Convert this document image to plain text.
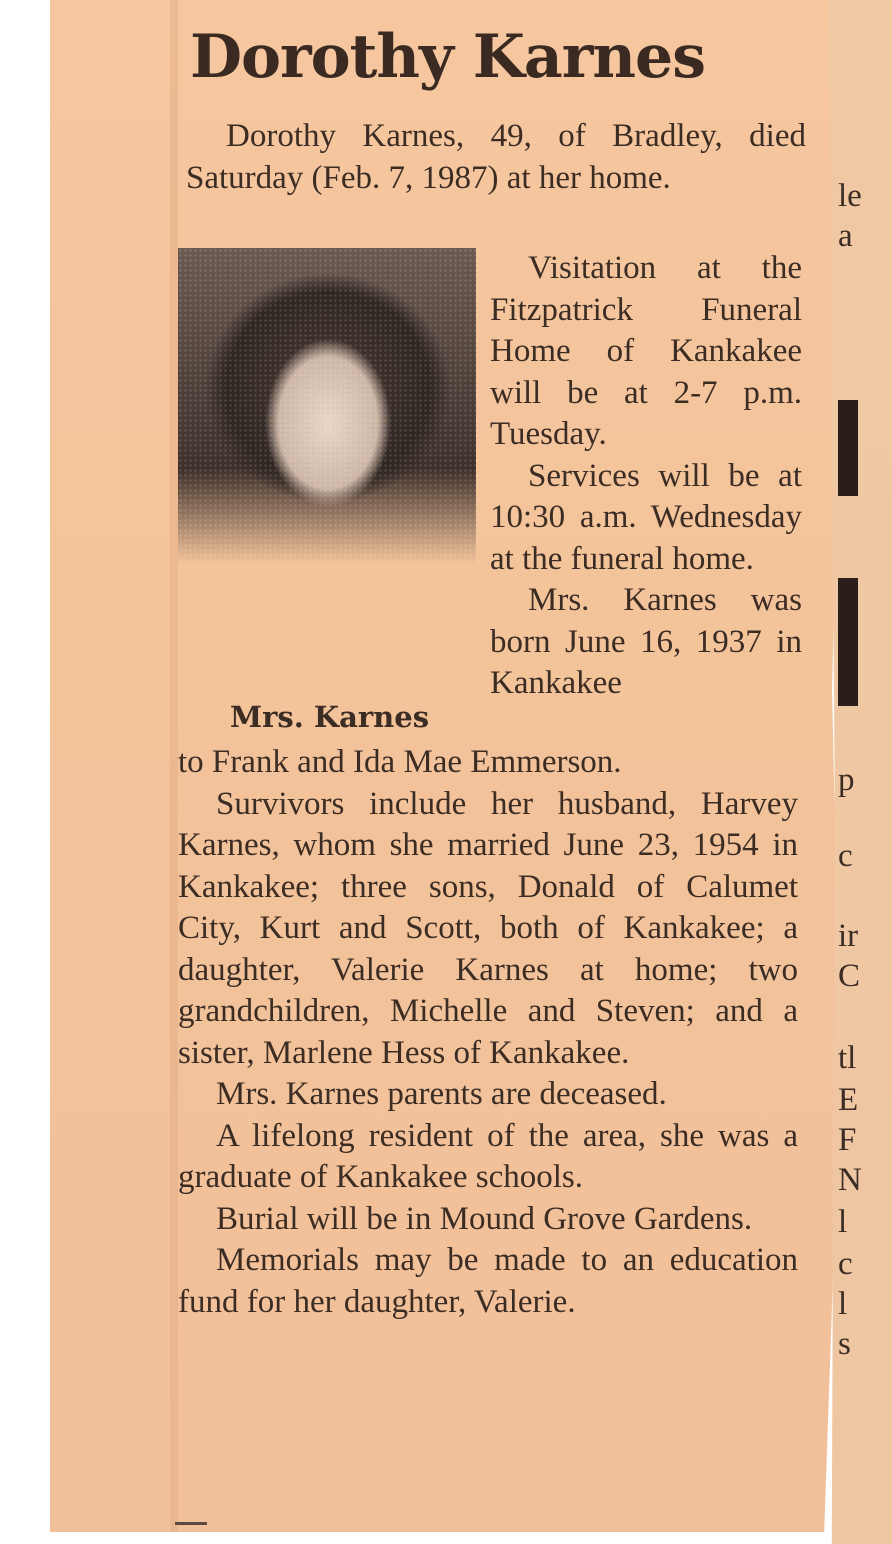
Dorothy Karnes
Dorothy Karnes, 49, of Bradley, died Saturday (Feb. 7, 1987) at her home.

Visitation at the Fitzpatrick Funeral Home of Kankakee will be at 2-7 p.m. Tuesday.

Services will be at 10:30 a.m. Wednesday at the funeral home.

Mrs. Karnes was born June 16, 1937 in Kankakee

Mrs. Karnes

to Frank and Ida Mae Emmerson.

Survivors include her husband, Harvey Karnes, whom she married June 23, 1954 in Kankakee; three sons, Donald of Calumet City, Kurt and Scott, both of Kankakee; a daughter, Valerie Karnes at home; two grandchildren, Michelle and Steven; and a sister, Marlene Hess of Kankakee.

Mrs. Karnes parents are deceased.

A lifelong resident of the area, she was a graduate of Kankakee schools.

Burial will be in Mound Grove Gardens.

Memorials may be made to an education fund for her daughter, Valerie.

le
a
p
c
ir
C
tl
E
F
N
l
c
l
s
